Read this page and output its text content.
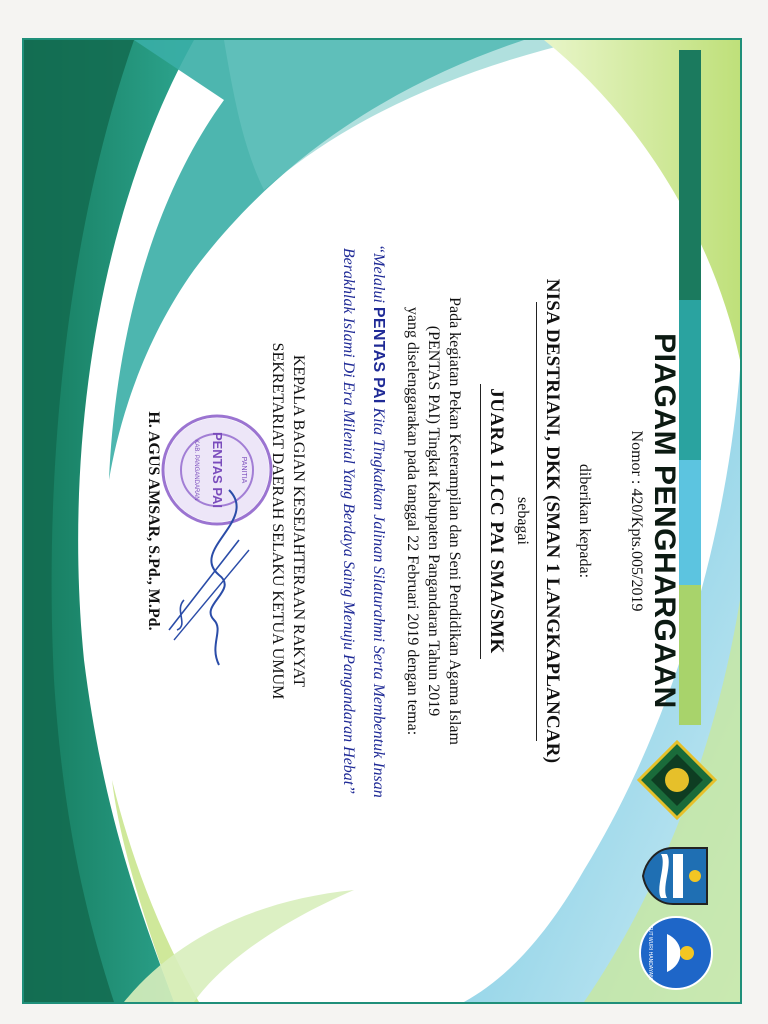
PIAGAM PENGHARGAAN
Nomor : 420/Kpts.005/2019
diberikan kepada:
NISA DESTRIANI, DKK (SMAN 1 LANGKAPLANCAR)
sebagai
JUARA 1 LCC PAI SMA/SMK
Pada kegiatan Pekan Keterampilan dan Seni Pendidikan Agama Islam
(PENTAS PAI) Tingkat Kabupaten Pangandaran Tahun 2019
yang diselenggarakan pada tanggal 22 Februari 2019 dengan tema:
“Melalui PENTAS PAI Kita Tingkatkan Jalinan Silaturahmi Serta Membentuk Insan
Berakhlak Islami Di Era Milenial Yang Berdaya Saing Menuju Pangandaran Hebat”
KEPALA BAGIAN KESEJAHTERAAN RAKYAT
SEKRETARIAT DAERAH SELAKU KETUA UMUM
H. AGUS AMSAR, S.Pd., M.Pd.	PANITIA
PENTAS PAI
KAB. PANGANDARAN
TUT WURI HANDAYANI
